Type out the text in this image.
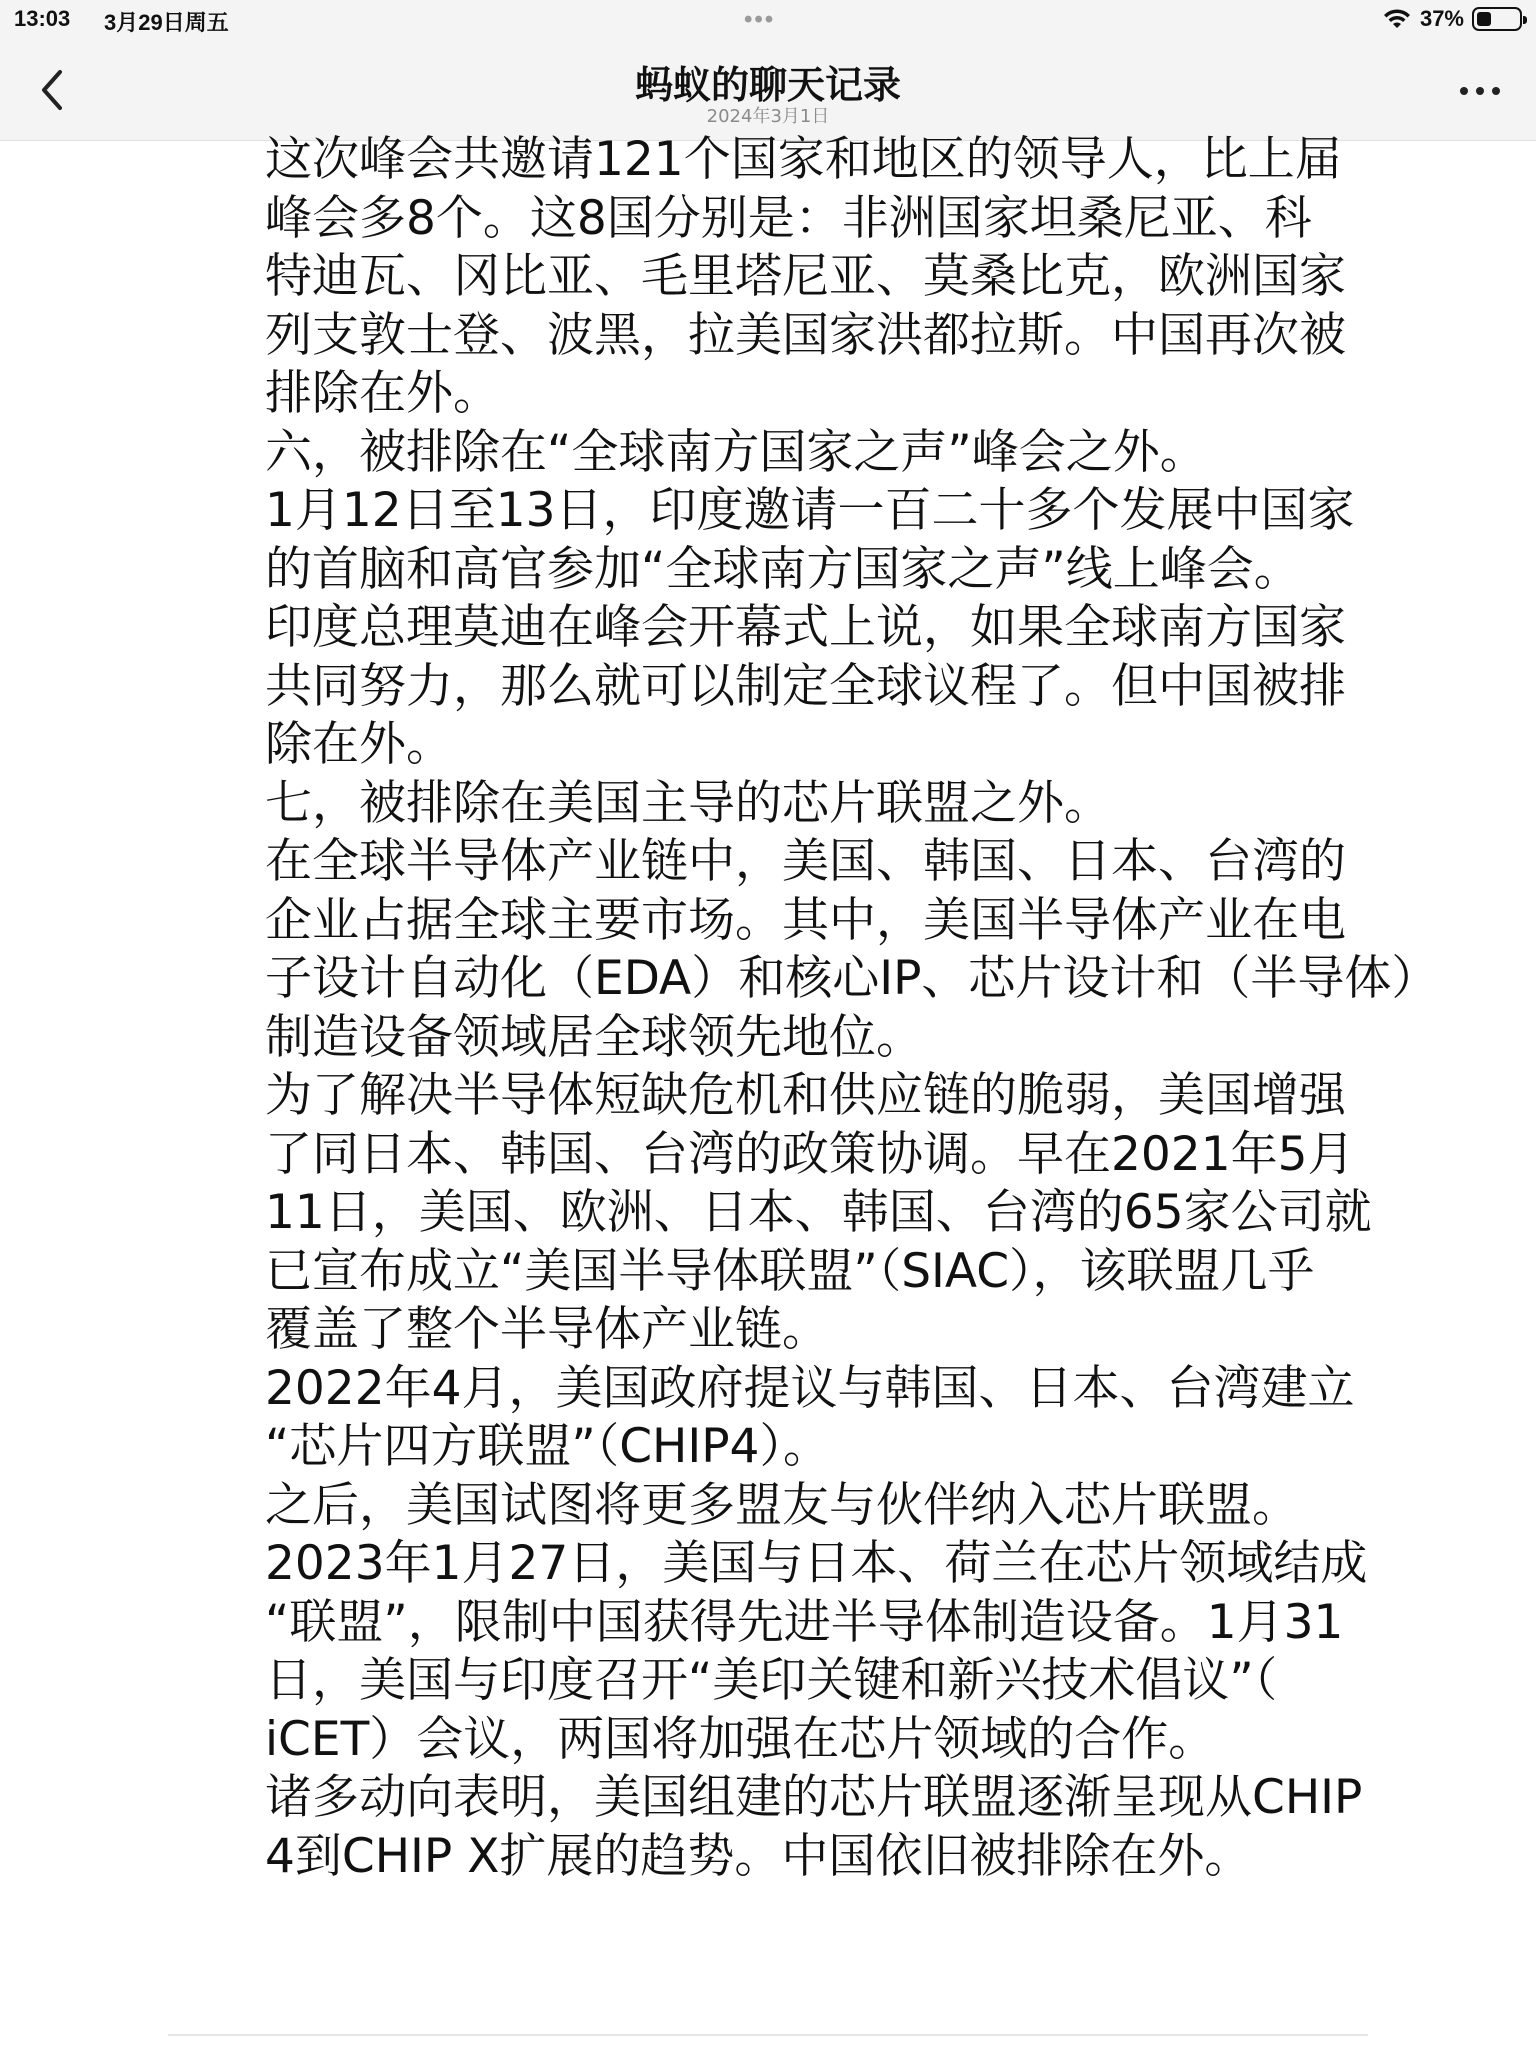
13:03 3月29日周五	•••	37%
蚂蚁的聊天记录
2024年3月1日
这次峰会共邀请121个国家和地区的领导人，比上届
峰会多8个。这8国分别是：非洲国家坦桑尼亚、科
特迪瓦、冈比亚、毛里塔尼亚、莫桑比克，欧洲国家
列支敦士登、波黑，拉美国家洪都拉斯。中国再次被
排除在外。
六，被排除在“全球南方国家之声”峰会之外。
1月12日至13日，印度邀请一百二十多个发展中国家
的首脑和高官参加“全球南方国家之声”线上峰会。
印度总理莫迪在峰会开幕式上说，如果全球南方国家
共同努力，那么就可以制定全球议程了。但中国被排
除在外。
七，被排除在美国主导的芯片联盟之外。
在全球半导体产业链中，美国、韩国、日本、台湾的
企业占据全球主要市场。其中，美国半导体产业在电
子设计自动化（EDA）和核心IP、芯片设计和（半导体）
制造设备领域居全球领先地位。
为了解决半导体短缺危机和供应链的脆弱，美国增强
了同日本、韩国、台湾的政策协调。早在2021年5月
11日，美国、欧洲、日本、韩国、台湾的65家公司就
已宣布成立“美国半导体联盟”（SIAC），该联盟几乎
覆盖了整个半导体产业链。
2022年4月，美国政府提议与韩国、日本、台湾建立
“芯片四方联盟”（CHIP4）。
之后，美国试图将更多盟友与伙伴纳入芯片联盟。
2023年1月27日，美国与日本、荷兰在芯片领域结成
“联盟”，限制中国获得先进半导体制造设备。1月31
日，美国与印度召开“美印关键和新兴技术倡议”（
iCET）会议，两国将加强在芯片领域的合作。
诸多动向表明，美国组建的芯片联盟逐渐呈现从CHIP
4到CHIP X扩展的趋势。中国依旧被排除在外。
